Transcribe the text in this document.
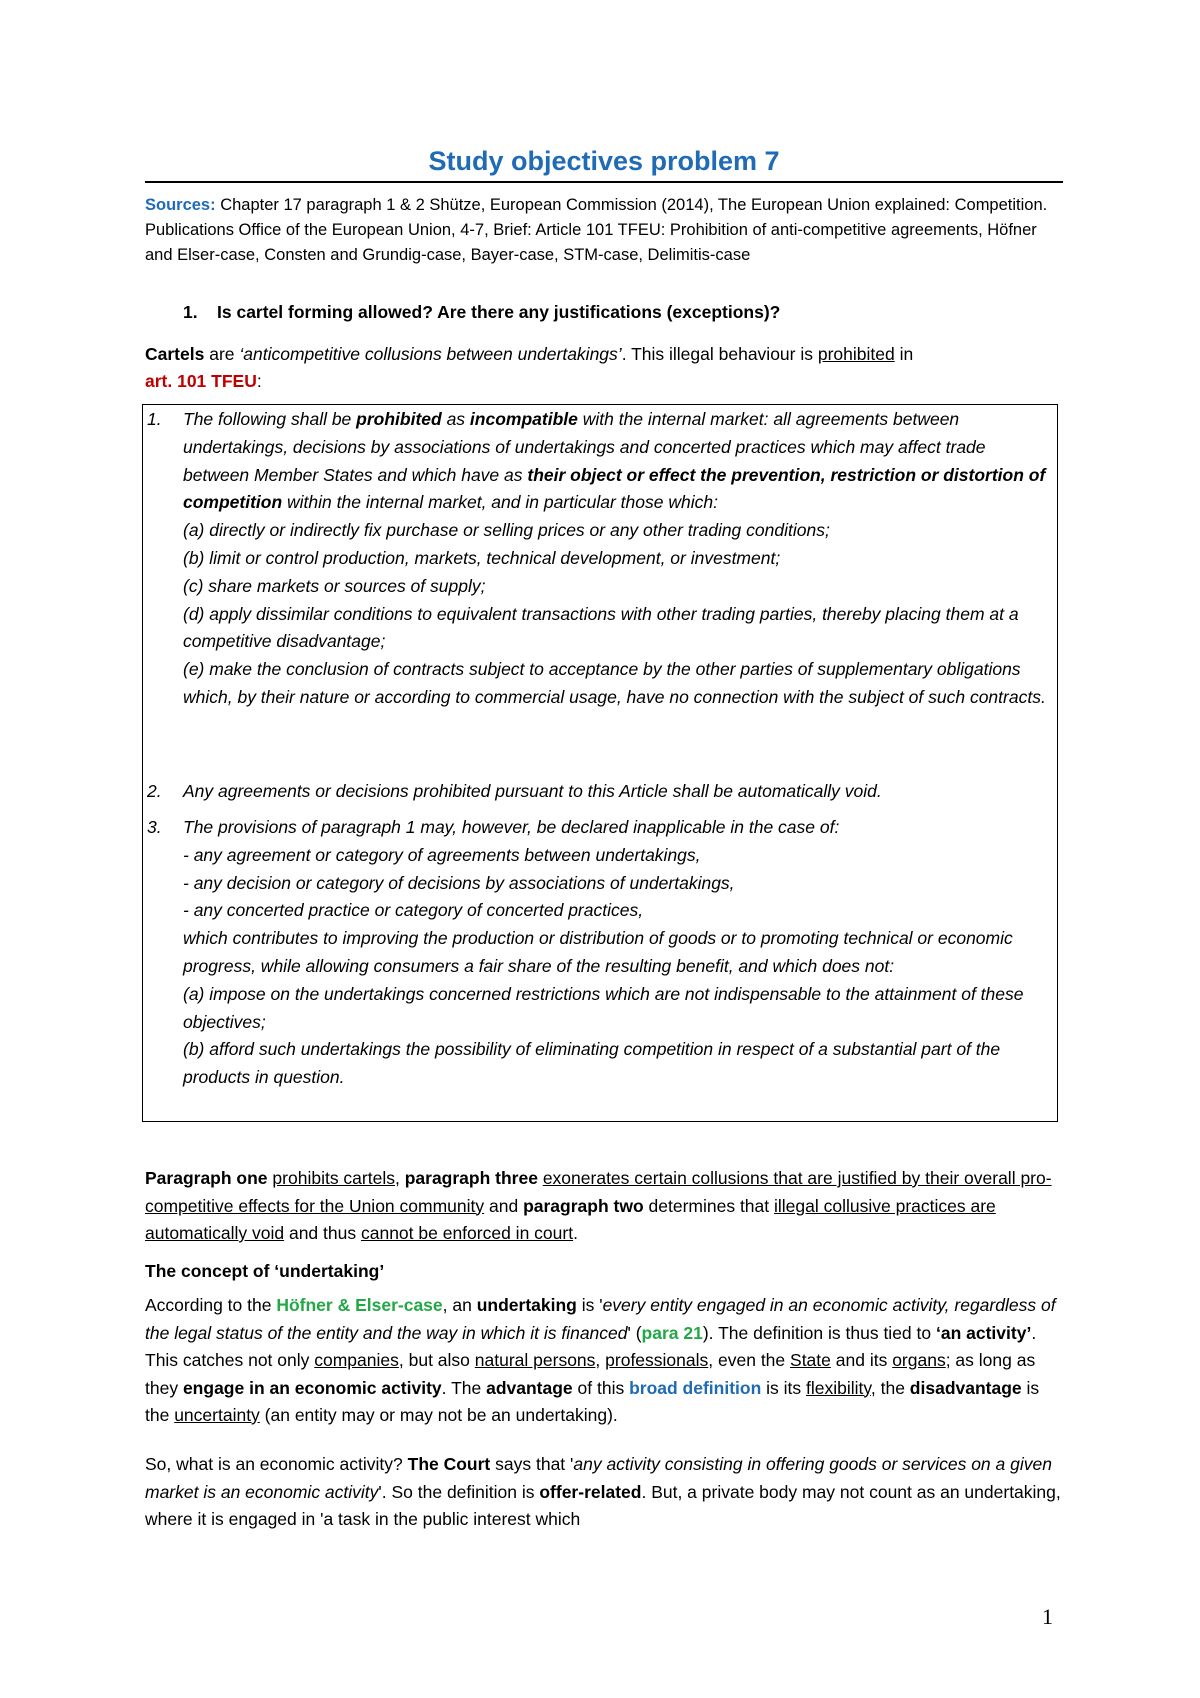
Study objectives problem 7

Sources: Chapter 17 paragraph 1 & 2 Shütze, European Commission (2014), The European Union explained: Competition. Publications Office of the European Union, 4-7, Brief: Article 101 TFEU: Prohibition of anti-competitive agreements, Höfner and Elser-case, Consten and Grundig-case, Bayer-case, STM-case, Delimitis-case

1. Is cartel forming allowed? Are there any justifications (exceptions)?

Cartels are ‘anticompetitive collusions between undertakings’. This illegal behaviour is prohibited in
art. 101 TFEU:

1. The following shall be prohibited as incompatible with the internal market: all agreements between undertakings, decisions by associations of undertakings and concerted practices which may affect trade between Member States and which have as their object or effect the prevention, restriction or distortion of competition within the internal market, and in particular those which:
(a) directly or indirectly fix purchase or selling prices or any other trading conditions;
(b) limit or control production, markets, technical development, or investment;
(c) share markets or sources of supply;
(d) apply dissimilar conditions to equivalent transactions with other trading parties, thereby placing them at a competitive disadvantage;
(e) make the conclusion of contracts subject to acceptance by the other parties of supplementary obligations which, by their nature or according to commercial usage, have no connection with the subject of such contracts.
2. Any agreements or decisions prohibited pursuant to this Article shall be automatically void.
3. The provisions of paragraph 1 may, however, be declared inapplicable in the case of:
- any agreement or category of agreements between undertakings,
- any decision or category of decisions by associations of undertakings,
- any concerted practice or category of concerted practices,
which contributes to improving the production or distribution of goods or to promoting technical or economic progress, while allowing consumers a fair share of the resulting benefit, and which does not:
(a) impose on the undertakings concerned restrictions which are not indispensable to the attainment of these objectives;
(b) afford such undertakings the possibility of eliminating competition in respect of a substantial part of the products in question.

Paragraph one prohibits cartels, paragraph three exonerates certain collusions that are justified by their overall pro-competitive effects for the Union community and paragraph two determines that illegal collusive practices are automatically void and thus cannot be enforced in court.

The concept of ‘undertaking’

According to the Höfner & Elser-case, an undertaking is 'every entity engaged in an economic activity, regardless of the legal status of the entity and the way in which it is financed' (para 21). The definition is thus tied to ‘an activity’. This catches not only companies, but also natural persons, professionals, even the State and its organs; as long as they engage in an economic activity. The advantage of this broad definition is its flexibility, the disadvantage is the uncertainty (an entity may or may not be an undertaking).

So, what is an economic activity? The Court says that 'any activity consisting in offering goods or services on a given market is an economic activity'. So the definition is offer-related. But, a private body may not count as an undertaking, where it is engaged in 'a task in the public interest which

1
